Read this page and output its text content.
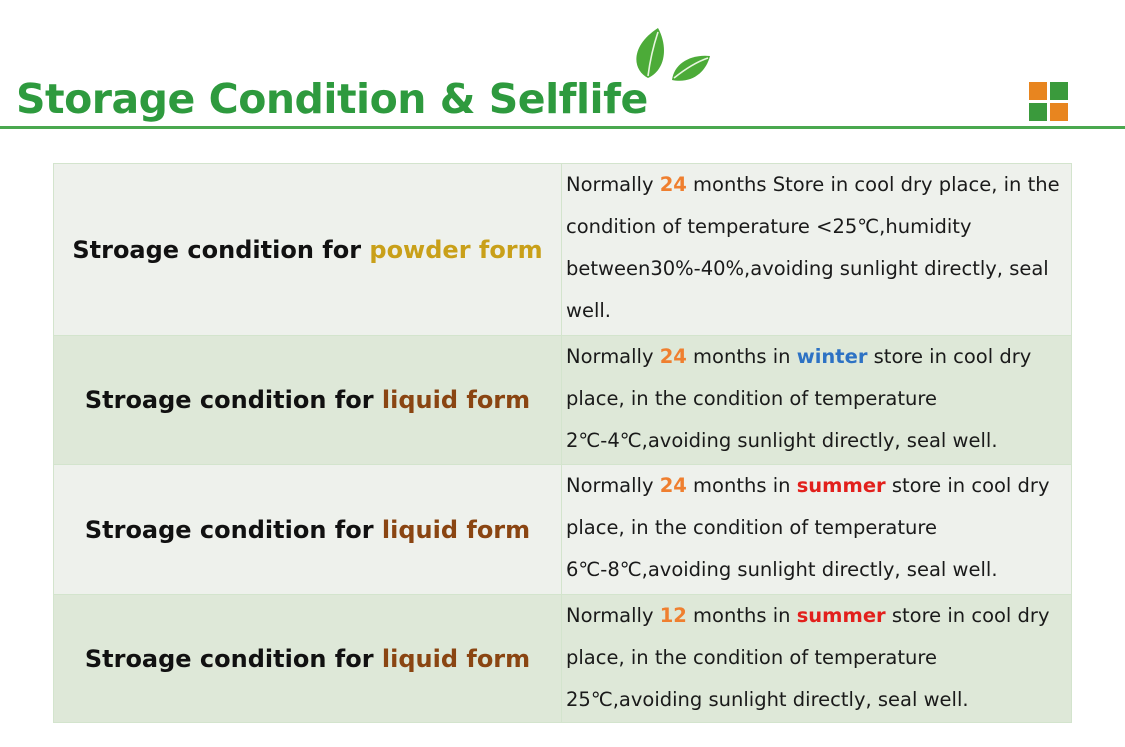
Storage Condition & Selflife
Stroage condition for powder form	Normally 24 months Store in cool dry place, in the condition of temperature <25℃,humidity between30%-40%,avoiding sunlight directly, seal well.
Stroage condition for liquid form	Normally 24 months in winter store in cool dry place, in the condition of temperature 2℃-4℃,avoiding sunlight directly, seal well.
Stroage condition for liquid form	Normally 24 months in summer store in cool dry place, in the condition of temperature 6℃-8℃,avoiding sunlight directly, seal well.
Stroage condition for liquid form	Normally 12 months in summer store in cool dry place, in the condition of temperature 25℃,avoiding sunlight directly, seal well.
